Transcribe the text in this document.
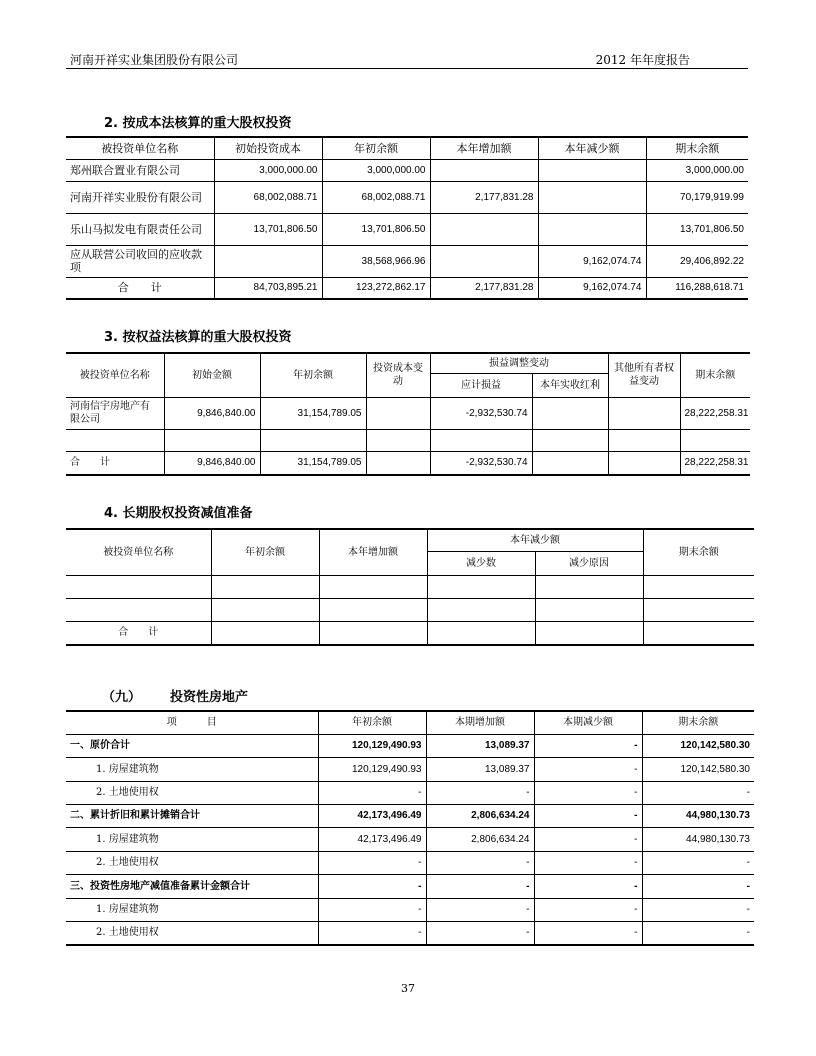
河南开祥实业集团股份有限公司	2012 年年度报告
2. 按成本法核算的重大股权投资
被投资单位名称	初始投资成本	年初余额	本年增加额	本年减少额	期末余额
郑州联合置业有限公司	3,000,000.00	3,000,000.00			3,000,000.00
河南开祥实业股份有限公司	68,002,088.71	68,002,088.71	2,177,831.28		70,179,919.99
乐山马拟发电有限责任公司	13,701,806.50	13,701,806.50			13,701,806.50
应从联营公司收回的应收款项		38,568,966.96		9,162,074.74	29,406,892.22
合　　计	84,703,895.21	123,272,862.17	2,177,831.28	9,162,074.74	116,288,618.71
3. 按权益法核算的重大股权投资
被投资单位名称	初始金额	年初余额	投资成本变动	损益调整变动		其他所有者权益变动	期末余额
				应计损益	本年实收红利		
河南信宇房地产有限公司	9,846,840.00	31,154,789.05		-2,932,530.74			28,222,258.31

合　　计	9,846,840.00	31,154,789.05		-2,932,530.74			28,222,258.31
4. 长期股权投资减值准备
被投资单位名称	年初余额	本年增加额	本年减少额		期末余额
			减少数	减少原因	

合　　计					
（九） 投资性房地产
项　　　目	年初余额	本期增加额	本期减少额	期末余额
一、原价合计	120,129,490.93	13,089.37	-	120,142,580.30
1. 房屋建筑物	120,129,490.93	13,089.37	-	120,142,580.30
2. 土地使用权	-	-	-	-
二、累计折旧和累计摊销合计	42,173,496.49	2,806,634.24	-	44,980,130.73
1. 房屋建筑物	42,173,496.49	2,806,634.24	-	44,980,130.73
2. 土地使用权	-	-	-	-
三、投资性房地产减值准备累计金额合计	-	-	-	-
1. 房屋建筑物	-	-	-	-
2. 土地使用权	-	-	-	-
37
